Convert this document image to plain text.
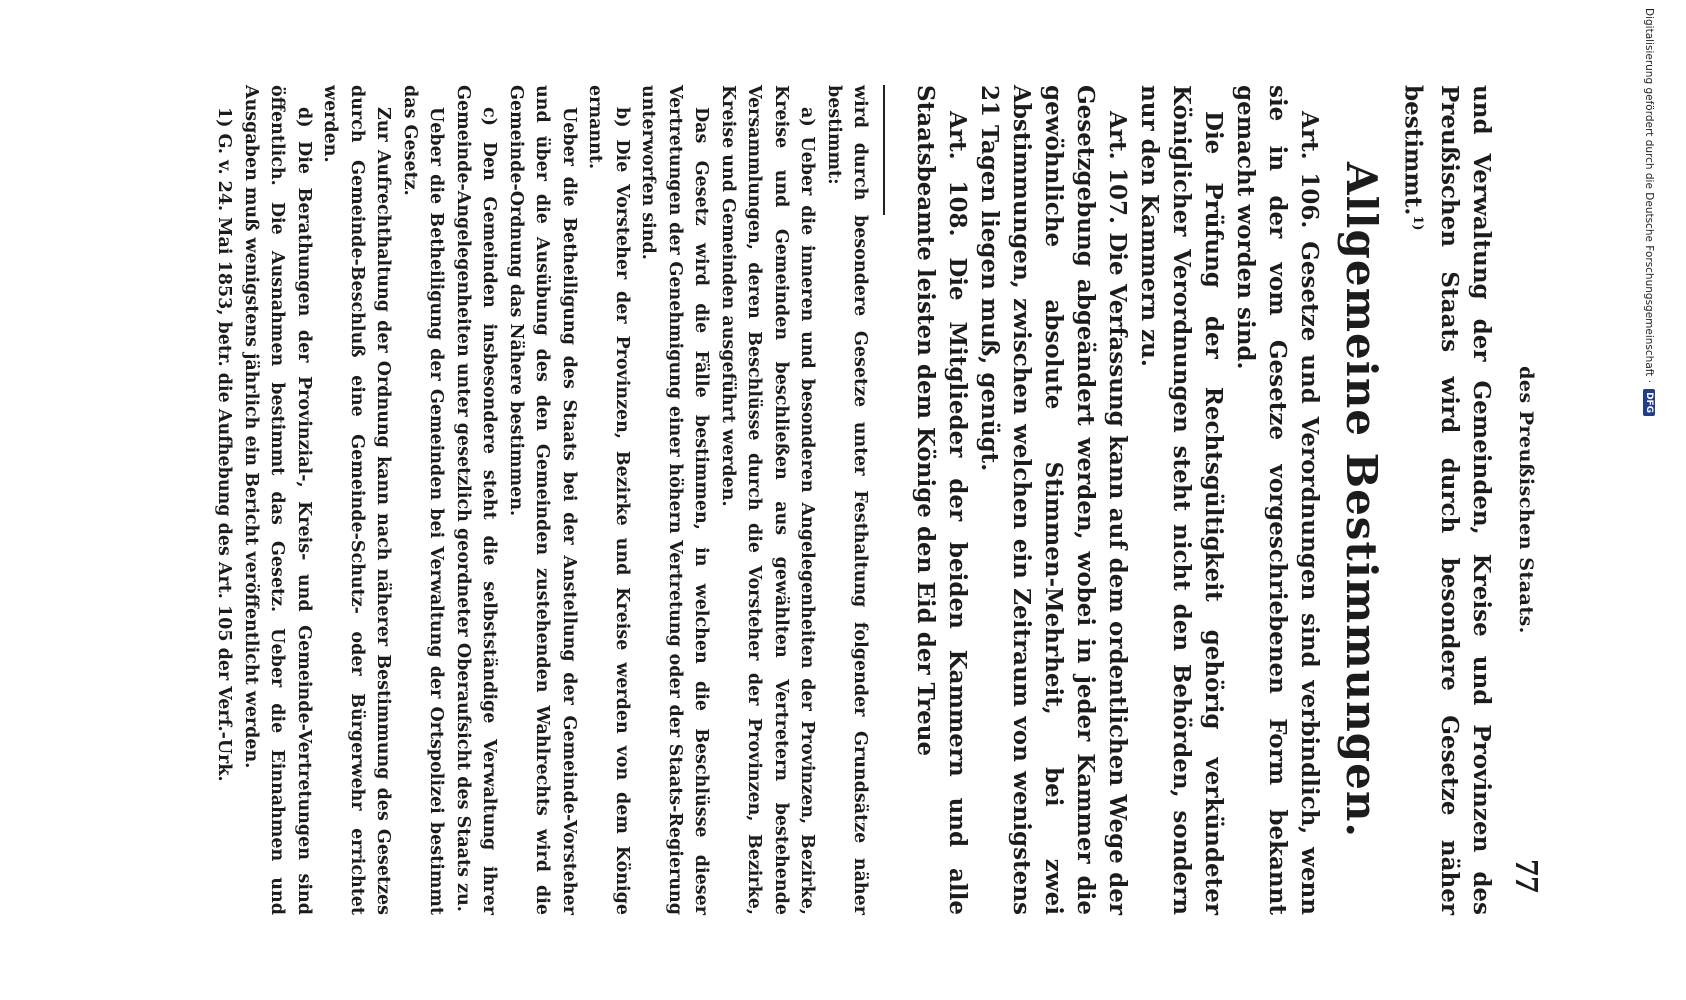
des Preußischen Staats.
77

und Verwaltung der Gemeinden, Kreise und Provinzen des Preußischen Staats wird durch besondere Gesetze näher bestimmt.$^{1)}$

Allgemeine Bestimmungen.

Art. 106. Gesetze und Verordnungen sind verbindlich, wenn sie in der vom Gesetze vorgeschriebenen Form bekannt gemacht worden sind.

Die Prüfung der Rechtsgültigkeit gehörig verkündeter Königlicher Verordnungen steht nicht den Behörden, sondern nur den Kammern zu.

Art. 107. Die Verfassung kann auf dem ordentlichen Wege der Gesetzgebung abgeändert werden, wobei in jeder Kammer die gewöhnliche absolute Stimmen-Mehrheit, bei zwei Abstimmungen, zwischen welchen ein Zeitraum von wenigstens 21 Tagen liegen muß, genügt.

Art. 108. Die Mitglieder der beiden Kammern und alle Staatsbeamte leisten dem Könige den Eid der Treue

wird durch besondere Gesetze unter Festhaltung folgender Grundsätze näher bestimmt:

a) Ueber die inneren und besonderen Angelegenheiten der Provinzen, Bezirke, Kreise und Gemeinden beschließen aus gewählten Vertretern bestehende Versammlungen, deren Beschlüsse durch die Vorsteher der Provinzen, Bezirke, Kreise und Gemeinden ausgeführt werden.

Das Gesetz wird die Fälle bestimmen, in welchen die Beschlüsse dieser Vertretungen der Genehmigung einer höhern Vertretung oder der Staats-Regierung unterworfen sind.

b) Die Vorsteher der Provinzen, Bezirke und Kreise werden von dem Könige ernannt.

Ueber die Betheiligung des Staats bei der Anstellung der Gemeinde-Vorsteher und über die Ausübung des den Gemeinden zustehenden Wahlrechts wird die Gemeinde-Ordnung das Nähere bestimmen.

c) Den Gemeinden insbesondere steht die selbstständige Verwaltung ihrer Gemeinde-Angelegenheiten unter gesetzlich geordneter Oberaufsicht des Staats zu.

Ueber die Betheiligung der Gemeinden bei Verwaltung der Ortspolizei bestimmt das Gesetz.

Zur Aufrechthaltung der Ordnung kann nach näherer Bestimmung des Gesetzes durch Gemeinde-Beschluß eine Gemeinde-Schutz- oder Bürgerwehr errichtet werden.

d) Die Berathungen der Provinzial-, Kreis- und Gemeinde-Vertretungen sind öffentlich. Die Ausnahmen bestimmt das Gesetz. Ueber die Einnahmen und Ausgaben muß wenigstens jährlich ein Bericht veröffentlicht werden.

1) G. v. 24. Mai 1853, betr. die Aufhebung des Art. 105 der Verf.-Urk.	Digitalisierung gefördert durch die Deutsche Forschungsgemeinschaft ·
DFG
